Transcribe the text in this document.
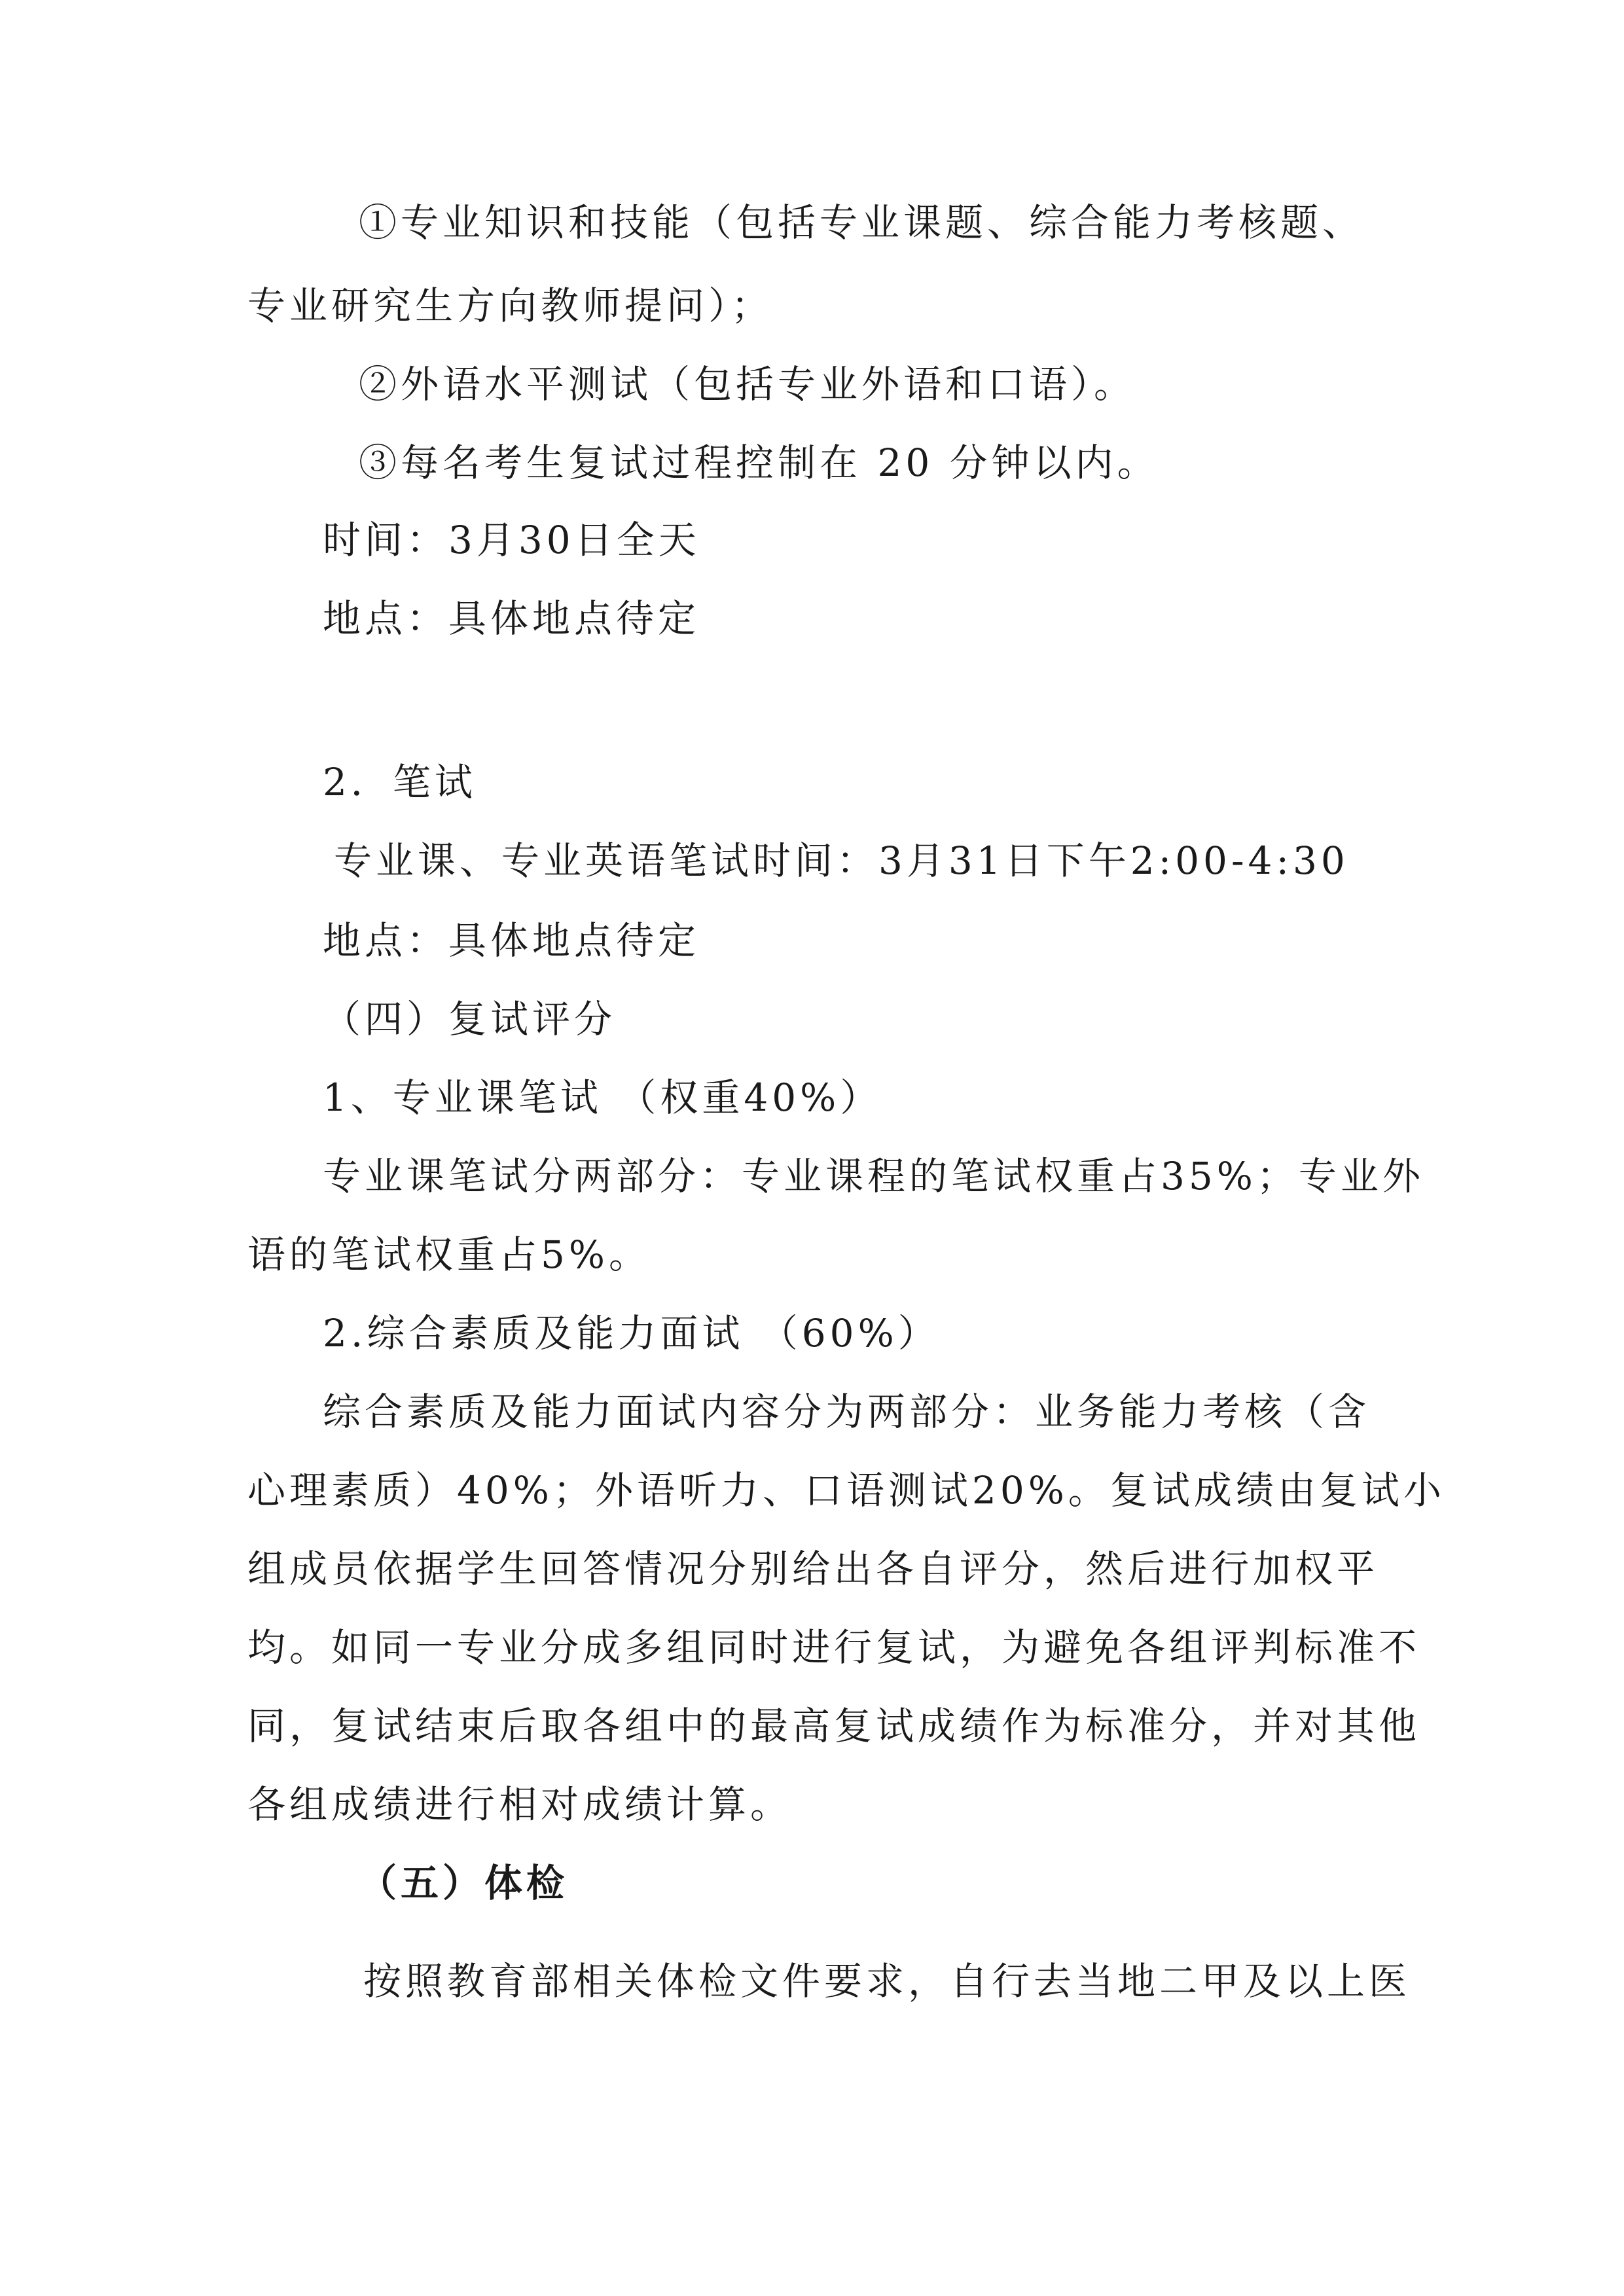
①专业知识和技能（包括专业课题、综合能力考核题、
专业研究生方向教师提问）；
②外语水平测试（包括专业外语和口语）。
③每名考生复试过程控制在 20 分钟以内。
时间：3月30日全天
地点：具体地点待定
2．笔试
专业课、专业英语笔试时间：3月31日下午2:00-4:30
地点：具体地点待定
（四）复试评分
1、专业课笔试 （权重40%）
专业课笔试分两部分：专业课程的笔试权重占35%；专业外
语的笔试权重占5%。
2.综合素质及能力面试 （60%）
综合素质及能力面试内容分为两部分：业务能力考核（含
心理素质）40%；外语听力、口语测试20%。复试成绩由复试小
组成员依据学生回答情况分别给出各自评分，然后进行加权平
均。如同一专业分成多组同时进行复试，为避免各组评判标准不
同，复试结束后取各组中的最高复试成绩作为标准分，并对其他
各组成绩进行相对成绩计算。
（五）体检
按照教育部相关体检文件要求，自行去当地二甲及以上医
